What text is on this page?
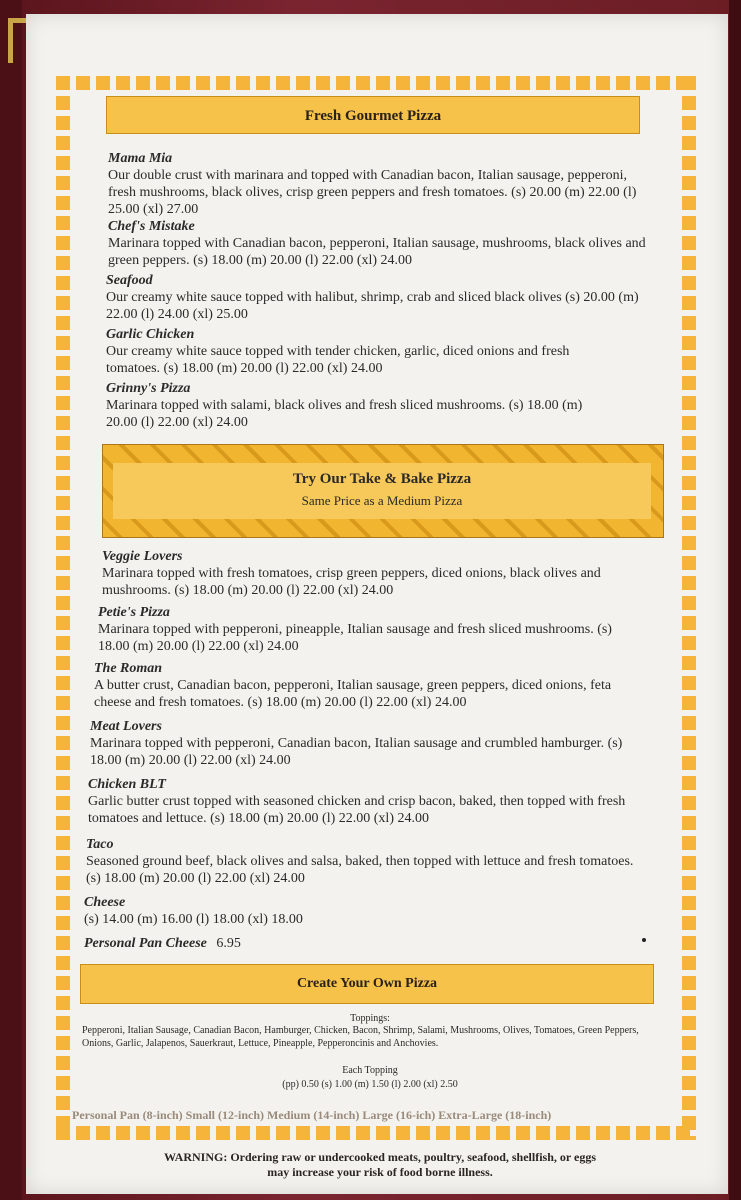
Fresh Gourmet Pizza
Mama Mia
Our double crust with marinara and topped with Canadian bacon, Italian sausage, pepperoni, fresh mushrooms, black olives, crisp green peppers and fresh tomatoes. (s) 20.00 (m) 22.00 (l) 25.00 (xl) 27.00
Chef's Mistake
Marinara topped with Canadian bacon, pepperoni, Italian sausage, mushrooms, black olives and green peppers. (s) 18.00 (m) 20.00 (l) 22.00 (xl) 24.00
Seafood
Our creamy white sauce topped with halibut, shrimp, crab and sliced black olives (s) 20.00 (m) 22.00 (l) 24.00 (xl) 25.00
Garlic Chicken
Our creamy white sauce topped with tender chicken, garlic, diced onions and fresh tomatoes. (s) 18.00 (m) 20.00 (l) 22.00 (xl) 24.00
Grinny's Pizza
Marinara topped with salami, black olives and fresh sliced mushrooms. (s) 18.00 (m) 20.00 (l) 22.00 (xl) 24.00
Try Our Take & Bake Pizza
Same Price as a Medium Pizza
Veggie Lovers
Marinara topped with fresh tomatoes, crisp green peppers, diced onions, black olives and mushrooms. (s) 18.00 (m) 20.00 (l) 22.00 (xl) 24.00
Petie's Pizza
Marinara topped with pepperoni, pineapple, Italian sausage and fresh sliced mushrooms. (s) 18.00 (m) 20.00 (l) 22.00 (xl) 24.00
The Roman
A butter crust, Canadian bacon, pepperoni, Italian sausage, green peppers, diced onions, feta cheese and fresh tomatoes. (s) 18.00 (m) 20.00 (l) 22.00 (xl) 24.00
Meat Lovers
Marinara topped with pepperoni, Canadian bacon, Italian sausage and crumbled hamburger. (s) 18.00 (m) 20.00 (l) 22.00 (xl) 24.00
Chicken BLT
Garlic butter crust topped with seasoned chicken and crisp bacon, baked, then topped with fresh tomatoes and lettuce. (s) 18.00 (m) 20.00 (l) 22.00 (xl) 24.00
Taco
Seasoned ground beef, black olives and salsa, baked, then topped with lettuce and fresh tomatoes. (s) 18.00 (m) 20.00 (l) 22.00 (xl) 24.00
Cheese
(s) 14.00 (m) 16.00 (l) 18.00 (xl) 18.00
Personal Pan Cheese 6.95
Create Your Own Pizza
Toppings:
Pepperoni, Italian Sausage, Canadian Bacon, Hamburger, Chicken, Bacon, Shrimp, Salami, Mushrooms, Olives, Tomatoes, Green Peppers, Onions, Garlic, Jalapenos, Sauerkraut, Lettuce, Pineapple, Pepperoncinis and Anchovies.
Each Topping
(pp) 0.50 (s) 1.00 (m) 1.50 (l) 2.00 (xl) 2.50
Personal Pan (8-inch) Small (12-inch) Medium (14-inch) Large (16-ich) Extra-Large (18-inch)
WARNING: Ordering raw or undercooked meats, poultry, seafood, shellfish, or eggs
may increase your risk of food borne illness.
